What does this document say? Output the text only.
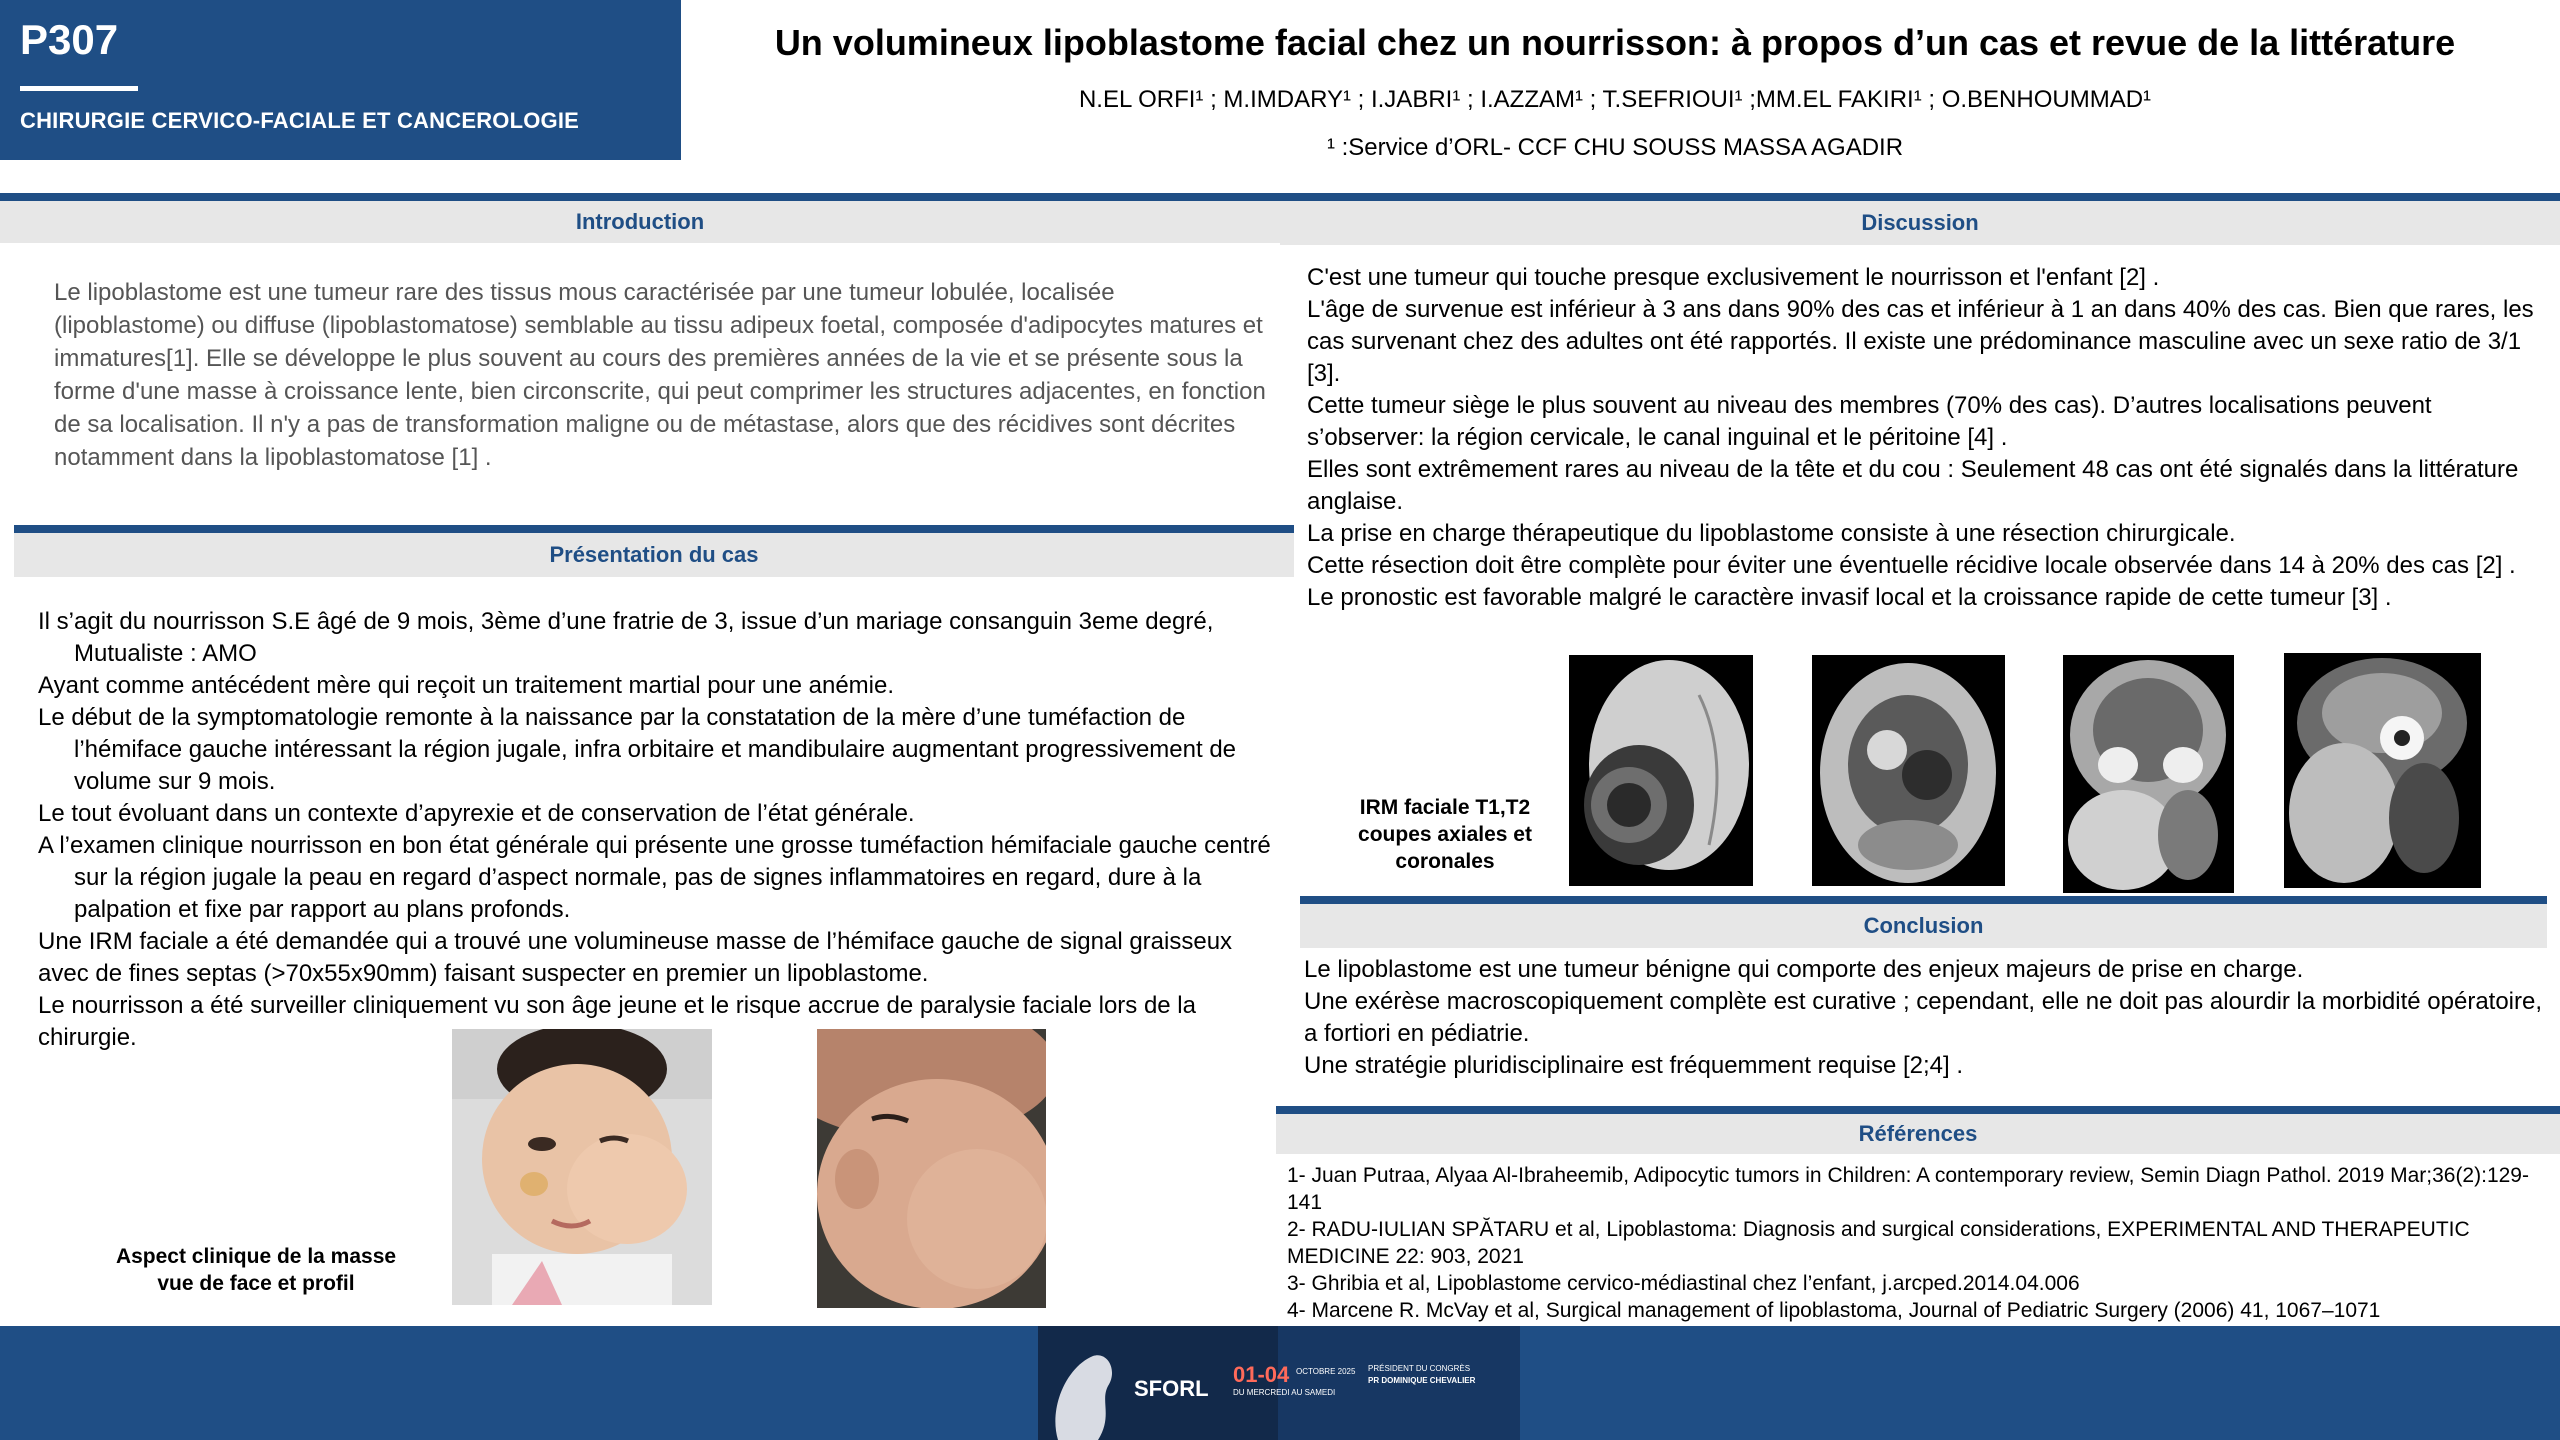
P307
CHIRURGIE CERVICO-FACIALE ET CANCEROLOGIE
Un volumineux lipoblastome facial chez un nourrisson: à propos d’un cas et revue de la littérature
N.EL ORFI¹ ; M.IMDARY¹ ; I.JABRI¹ ; I.AZZAM¹ ; T.SEFRIOUI¹ ;MM.EL FAKIRI¹ ; O.BENHOUMMAD¹
¹ :Service d’ORL- CCF CHU SOUSS MASSA AGADIR
Introduction
Le lipoblastome est une tumeur rare des tissus mous caractérisée par une tumeur lobulée, localisée (lipoblastome) ou diffuse (lipoblastomatose) semblable au tissu adipeux foetal, composée d'adipocytes matures et immatures[1]. Elle se développe le plus souvent au cours des premières années de la vie et se présente sous la forme d'une masse à croissance lente, bien circonscrite, qui peut comprimer les structures adjacentes, en fonction de sa localisation. Il n'y a pas de transformation maligne ou de métastase, alors que des récidives sont décrites notamment dans la lipoblastomatose [1] .
Présentation du cas

Il s’agit du nourrisson S.E âgé de 9 mois, 3ème d’une fratrie de 3, issue d’un mariage consanguin 3eme degré, Mutualiste : AMO

Ayant comme antécédent mère qui reçoit un traitement martial pour une anémie.

Le début de la symptomatologie remonte à la naissance par la constatation de la mère d’une tuméfaction de l’hémiface gauche intéressant la région jugale, infra orbitaire et mandibulaire augmentant progressivement de volume sur 9 mois.

Le tout évoluant dans un contexte d’apyrexie et de conservation de l’état générale.

A l’examen clinique nourrisson en bon état générale qui présente une grosse tuméfaction hémifaciale gauche centré sur la région jugale la peau en regard d’aspect normale, pas de signes inflammatoires en regard, dure à la palpation et fixe par rapport au plans profonds.

Une IRM faciale a été demandée qui a trouvé une volumineuse masse de l’hémiface gauche de signal graisseux avec de fines septas (>70x55x90mm) faisant suspecter en premier un lipoblastome.

Le nourrisson a été surveiller cliniquement vu son âge jeune et le risque accrue de paralysie faciale lors de la chirurgie.

Aspect clinique de la masse
vue de face et profil
Discussion

C'est une tumeur qui touche presque exclusivement le nourrisson et l'enfant [2] .

L'âge de survenue est inférieur à 3 ans dans 90% des cas et inférieur à 1 an dans 40% des cas. Bien que rares, les cas survenant chez des adultes ont été rapportés. Il existe une prédominance masculine avec un sexe ratio de 3/1 [3].

Cette tumeur siège le plus souvent au niveau des membres (70% des cas). D’autres localisations peuvent s’observer: la région cervicale, le canal inguinal et le péritoine [4] .

Elles sont extrêmement rares au niveau de la tête et du cou : Seulement 48 cas ont été signalés dans la littérature anglaise.

La prise en charge thérapeutique du lipoblastome consiste à une résection chirurgicale.

Cette résection doit être complète pour éviter une éventuelle récidive locale observée dans 14 à 20% des cas [2] .

Le pronostic est favorable malgré le caractère invasif local et la croissance rapide de cette tumeur [3] .

IRM faciale T1,T2
coupes axiales et
coronales
Conclusion

Le lipoblastome est une tumeur bénigne qui comporte des enjeux majeurs de prise en charge.

Une exérèse macroscopiquement complète est curative ; cependant, elle ne doit pas alourdir la morbidité opératoire, a fortiori en pédiatrie.

Une stratégie pluridisciplinaire est fréquemment requise [2;4] .

Références

1- Juan Putraa, Alyaa Al-Ibraheemib, Adipocytic tumors in Children: A contemporary review, Semin Diagn Pathol. 2019 Mar;36(2):129-141

2- RADU-IULIAN SPĂTARU et al, Lipoblastoma: Diagnosis and surgical considerations, EXPERIMENTAL AND THERAPEUTIC MEDICINE 22: 903, 2021

3- Ghribia et al, Lipoblastome cervico-médiastinal chez l’enfant, j.arcped.2014.04.006

4- Marcene R. McVay et al, Surgical management of lipoblastoma, Journal of Pediatric Surgery (2006) 41, 1067–1071

SFORL
01-04 OCTOBRE 2025
DU MERCREDI AU SAMEDI
PRÉSIDENT DU CONGRÈS
PR DOMINIQUE CHEVALIER
